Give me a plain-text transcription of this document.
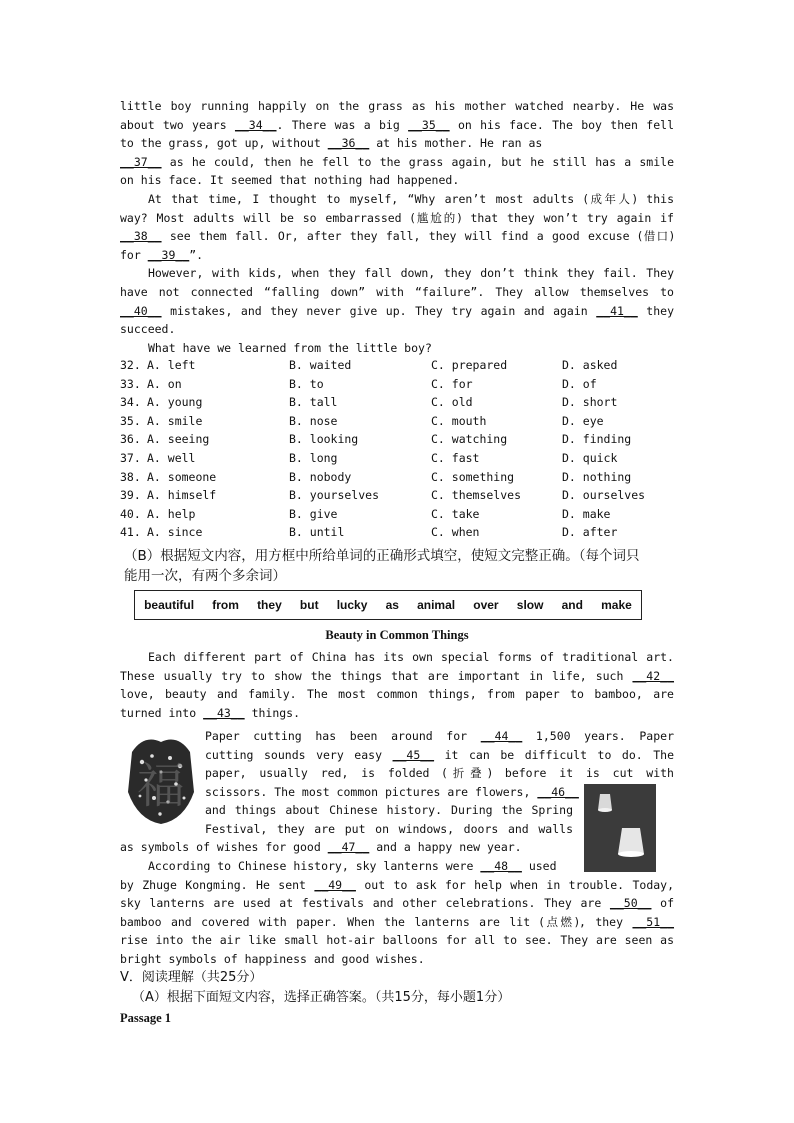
little boy running happily on the grass as his mother watched nearby. He was
about two years __34__. There was a big __35__ on his face. The boy then fell
to the grass, got up, without __36__ at his mother. He ran as
__37__ as he could, then he fell to the grass again, but he still has a smile
on his face. It seemed that nothing had happened.
At that time, I thought to myself, “Why aren’t most adults (成年人) this
way? Most adults will be so embarrassed (尴尬的) that they won’t try again if
__38__ see them fall. Or, after they fall, they will find a good excuse (借口)
for __39__”.
However, with kids, when they fall down, they don’t think they fail. They
have not connected “falling down” with “failure”. They allow themselves to
__40__ mistakes, and they never give up. They try again and again __41__ they
succeed.
What have we learned from the little boy?
32. A. left	B. waited	C. prepared	D. asked
33. A. on	B. to	C. for	D. of
34. A. young	B. tall	C. old	D. short
35. A. smile	B. nose	C. mouth	D. eye
36. A. seeing	B. looking	C. watching	D. finding
37. A. well	B. long	C. fast	D. quick
38. A. someone	B. nobody	C. something	D. nothing
39. A. himself	B. yourselves	C. themselves	D. ourselves
40. A. help	B. give	C. take	D. make
41. A. since	B. until	C. when	D. after
（B）根据短文内容，用方框中所给单词的正确形式填空，使短文完整正确。（每个词只
能用一次，有两个多余词）
beautiful from they but lucky as animal over slow and make
Beauty in Common Things
Each different part of China has its own special forms of traditional art.
These usually try to show the things that are important in life, such __42__
love, beauty and family. The most common things, from paper to bamboo, are
turned into __43__ things.
福
Paper cutting has been around for __44__ 1,500 years. Paper
cutting sounds very easy __45__ it can be difficult to do. The
paper, usually red, is folded (折叠) before it is cut with
scissors. The most common pictures are flowers, __46__
and things about Chinese history. During the Spring
Festival, they are put on windows, doors and walls
as symbols of wishes for good __47__ and a happy new year.
According to Chinese history, sky lanterns were __48__ used
by Zhuge Kongming. He sent __49__ out to ask for help when in trouble. Today,
sky lanterns are used at festivals and other celebrations. They are __50__ of
bamboo and covered with paper. When the lanterns are lit (点燃), they __51__
rise into the air like small hot-air balloons for all to see. They are seen as
bright symbols of happiness and good wishes.
V．阅读理解（共25分）
（A）根据下面短文内容，选择正确答案。（共15分，每小题1分）
Passage 1
